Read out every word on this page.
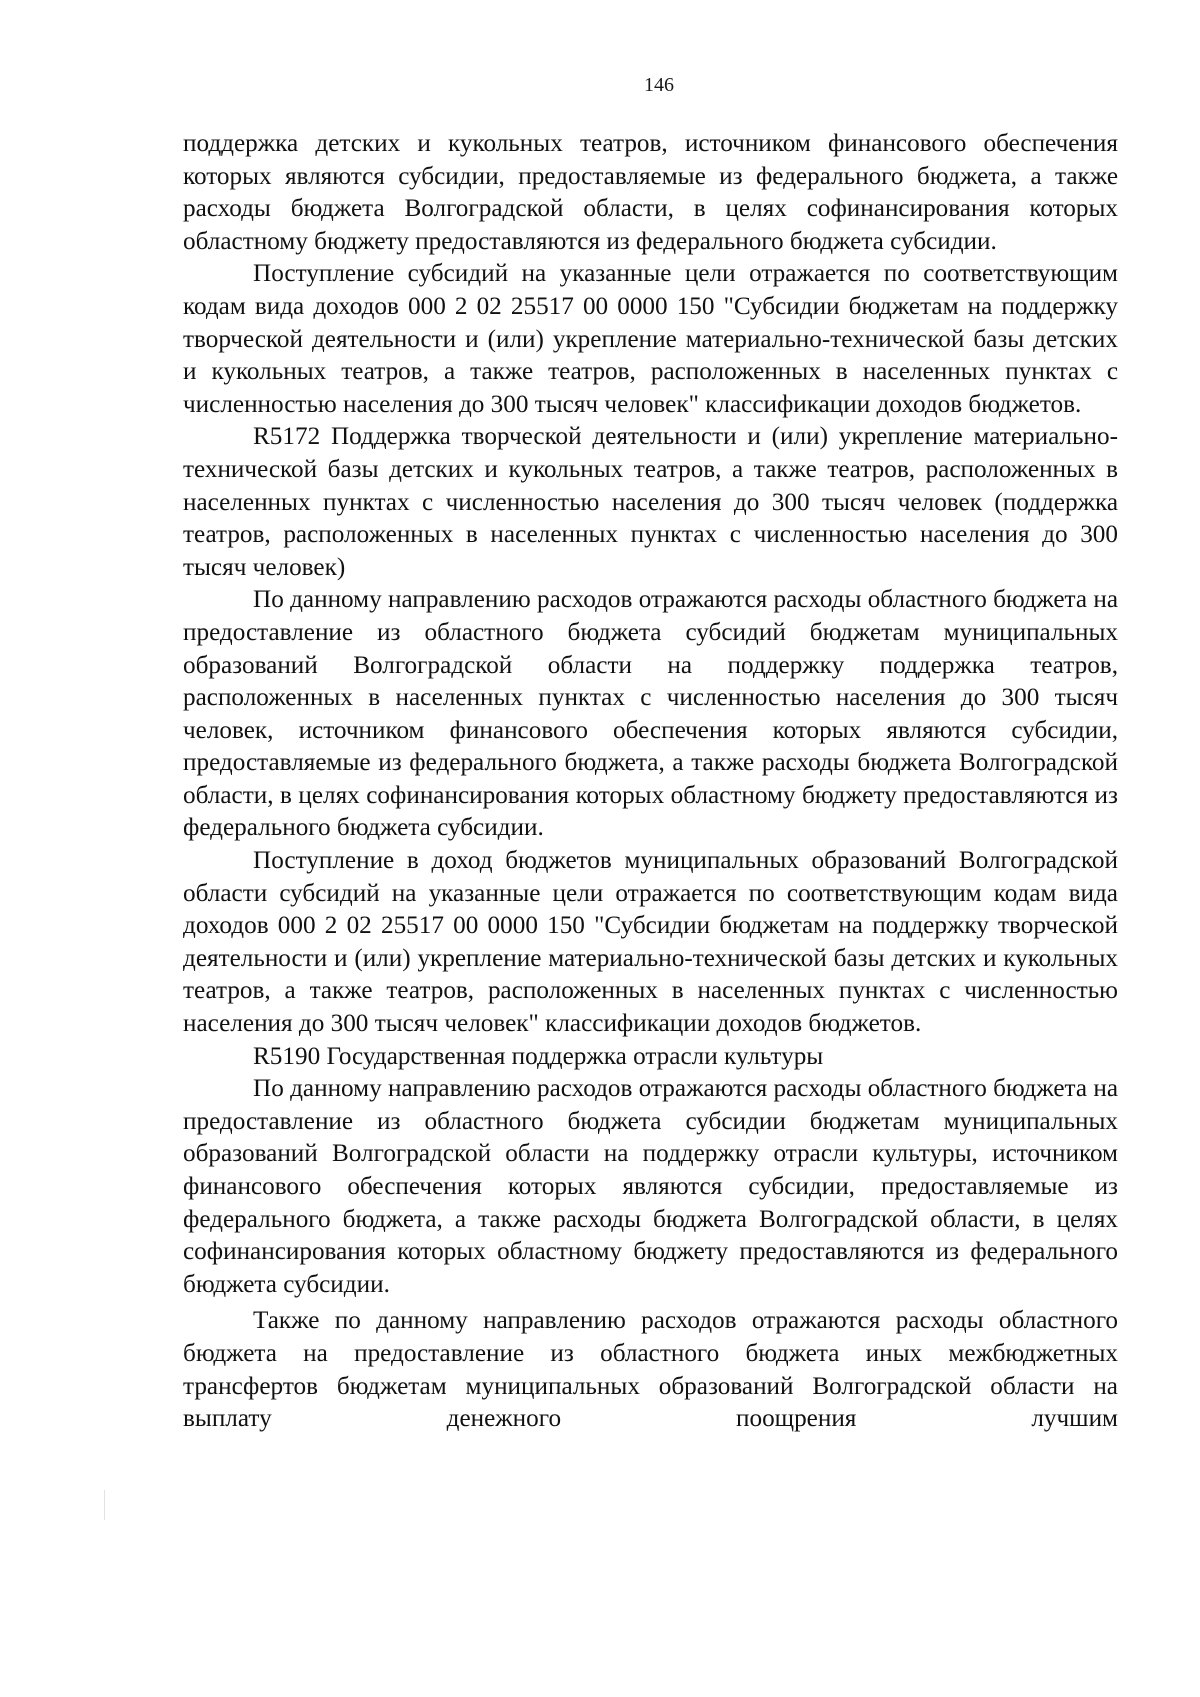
146

поддержка детских и кукольных театров, источником финансового обеспечения которых являются субсидии, предоставляемые из федерального бюджета, а также расходы бюджета Волгоградской области, в целях софинансирования которых областному бюджету предоставляются из федерального бюджета субсидии.

Поступление субсидий на указанные цели отражается по соответствующим кодам вида доходов 000 2 02 25517 00 0000 150 "Субсидии бюджетам на поддержку творческой деятельности и (или) укрепление материально-технической базы детских и кукольных театров, а также театров, расположенных в населенных пунктах с численностью населения до 300 тысяч человек" классификации доходов бюджетов.

R5172 Поддержка творческой деятельности и (или) укрепление материально-технической базы детских и кукольных театров, а также театров, расположенных в населенных пунктах с численностью населения до 300 тысяч человек (поддержка театров, расположенных в населенных пунктах с численностью населения до 300 тысяч человек)

По данному направлению расходов отражаются расходы областного бюджета на предоставление из областного бюджета субсидий бюджетам муниципальных образований Волгоградской области на поддержку поддержка театров, расположенных в населенных пунктах с численностью населения до 300 тысяч человек, источником финансового обеспечения которых являются субсидии, предоставляемые из федерального бюджета, а также расходы бюджета Волгоградской области, в целях софинансирования которых областному бюджету предоставляются из федерального бюджета субсидии.

Поступление в доход бюджетов муниципальных образований Волгоградской области субсидий на указанные цели отражается по соответствующим кодам вида доходов 000 2 02 25517 00 0000 150 "Субсидии бюджетам на поддержку творческой деятельности и (или) укрепление материально-технической базы детских и кукольных театров, а также театров, расположенных в населенных пунктах с численностью населения до 300 тысяч человек" классификации доходов бюджетов.

R5190 Государственная поддержка отрасли культуры

По данному направлению расходов отражаются расходы областного бюджета на предоставление из областного бюджета субсидии бюджетам муниципальных образований Волгоградской области на поддержку отрасли культуры, источником финансового обеспечения которых являются субсидии, предоставляемые из федерального бюджета, а также расходы бюджета Волгоградской области, в целях софинансирования которых областному бюджету предоставляются из федерального бюджета субсидии.

Также по данному направлению расходов отражаются расходы областного бюджета на предоставление из областного бюджета иных межбюджетных трансфертов бюджетам муниципальных образований Волгоградской области на выплату денежного поощрения лучшим
